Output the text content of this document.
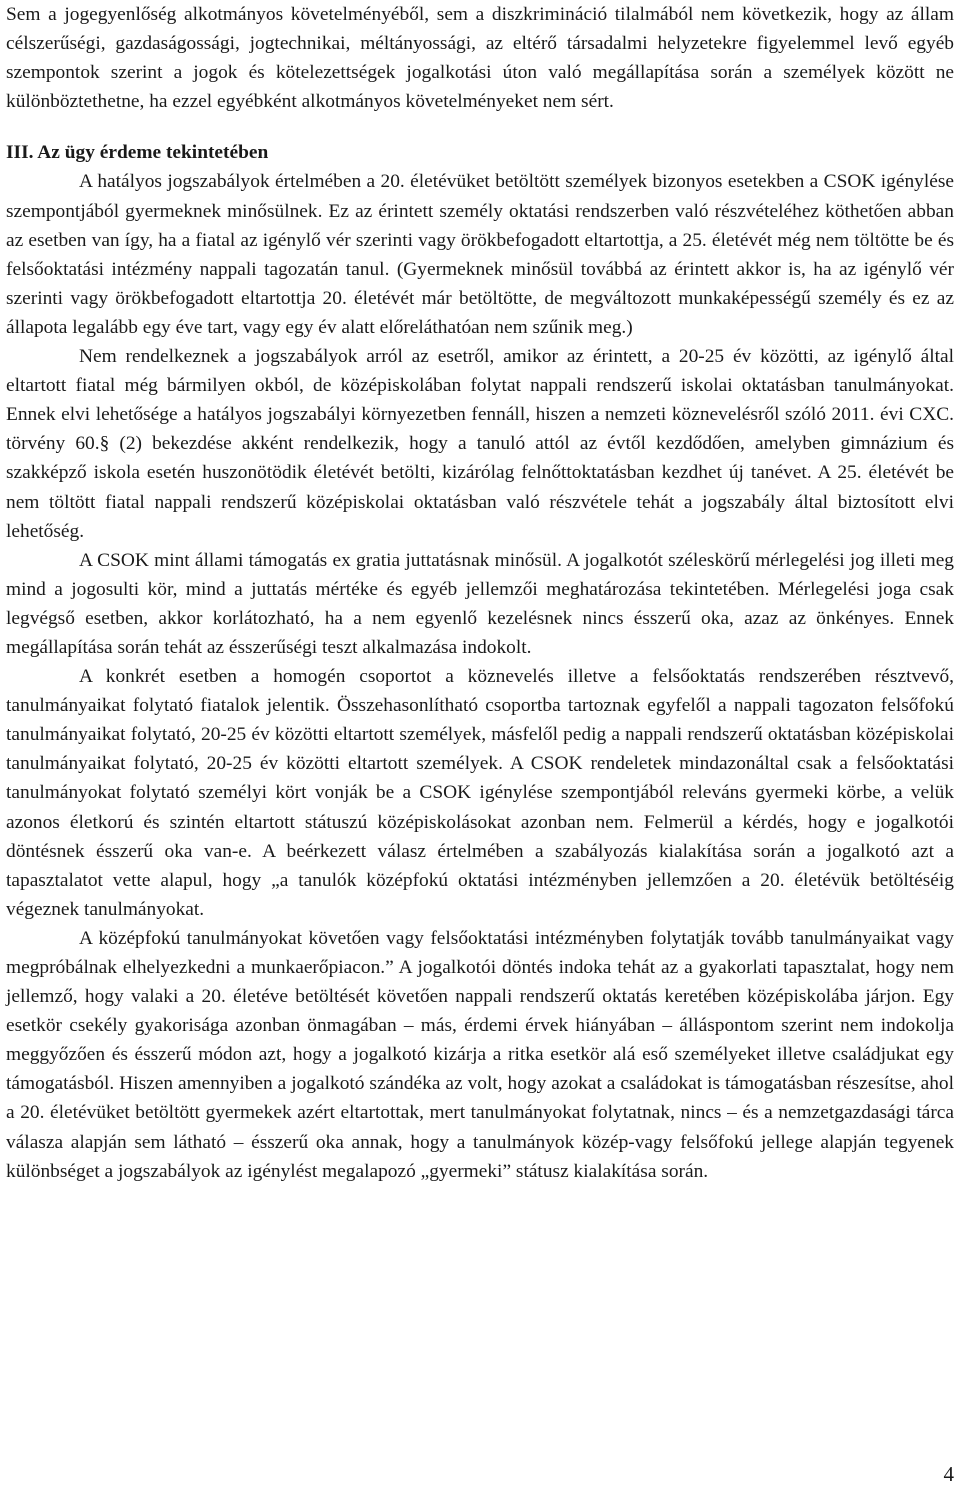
Sem a jogegyenlőség alkotmányos követelményéből, sem a diszkrimináció tilalmából nem következik, hogy az állam célszerűségi, gazdaságossági, jogtechnikai, méltányossági, az eltérő társadalmi helyzetekre figyelemmel levő egyéb szempontok szerint a jogok és kötelezettségek jogalkotási úton való megállapítása során a személyek között ne különböztethetne, ha ezzel egyébként alkotmányos követelményeket nem sért.

III. Az ügy érdeme tekintetében

A hatályos jogszabályok értelmében a 20. életévüket betöltött személyek bizonyos esetekben a CSOK igénylése szempontjából gyermeknek minősülnek. Ez az érintett személy oktatási rendszerben való részvételéhez köthetően abban az esetben van így, ha a fiatal az igénylő vér szerinti vagy örökbefogadott eltartottja, a 25. életévét még nem töltötte be és felsőoktatási intézmény nappali tagozatán tanul. (Gyermeknek minősül továbbá az érintett akkor is, ha az igénylő vér szerinti vagy örökbefogadott eltartottja 20. életévét már betöltötte, de megváltozott munkaképességű személy és ez az állapota legalább egy éve tart, vagy egy év alatt előreláthatóan nem szűnik meg.)

Nem rendelkeznek a jogszabályok arról az esetről, amikor az érintett, a 20-25 év közötti, az igénylő által eltartott fiatal még bármilyen okból, de középiskolában folytat nappali rendszerű iskolai oktatásban tanulmányokat. Ennek elvi lehetősége a hatályos jogszabályi környezetben fennáll, hiszen a nemzeti köznevelésről szóló 2011. évi CXC. törvény 60.§ (2) bekezdése akként rendelkezik, hogy a tanuló attól az évtől kezdődően, amelyben gimnázium és szakképző iskola esetén huszonötödik életévét betölti, kizárólag felnőttoktatásban kezdhet új tanévet. A 25. életévét be nem töltött fiatal nappali rendszerű középiskolai oktatásban való részvétele tehát a jogszabály által biztosított elvi lehetőség.

A CSOK mint állami támogatás ex gratia juttatásnak minősül. A jogalkotót széleskörű mérlegelési jog illeti meg mind a jogosulti kör, mind a juttatás mértéke és egyéb jellemzői meghatározása tekintetében. Mérlegelési joga csak legvégső esetben, akkor korlátozható, ha a nem egyenlő kezelésnek nincs ésszerű oka, azaz az önkényes. Ennek megállapítása során tehát az ésszerűségi teszt alkalmazása indokolt.

A konkrét esetben a homogén csoportot a köznevelés illetve a felsőoktatás rendszerében résztvevő, tanulmányaikat folytató fiatalok jelentik. Összehasonlítható csoportba tartoznak egyfelől a nappali tagozaton felsőfokú tanulmányaikat folytató, 20-25 év közötti eltartott személyek, másfelől pedig a nappali rendszerű oktatásban középiskolai tanulmányaikat folytató, 20-25 év közötti eltartott személyek. A CSOK rendeletek mindazonáltal csak a felsőoktatási tanulmányokat folytató személyi kört vonják be a CSOK igénylése szempontjából releváns gyermeki körbe, a velük azonos életkorú és szintén eltartott státuszú középiskolásokat azonban nem. Felmerül a kérdés, hogy e jogalkotói döntésnek ésszerű oka van-e. A beérkezett válasz értelmében a szabályozás kialakítása során a jogalkotó azt a tapasztalatot vette alapul, hogy „a tanulók középfokú oktatási intézményben jellemzően a 20. életévük betöltéséig végeznek tanulmányokat.

A középfokú tanulmányokat követően vagy felsőoktatási intézményben folytatják tovább tanulmányaikat vagy megpróbálnak elhelyezkedni a munkaerőpiacon.” A jogalkotói döntés indoka tehát az a gyakorlati tapasztalat, hogy nem jellemző, hogy valaki a 20. életéve betöltését követően nappali rendszerű oktatás keretében középiskolába járjon. Egy esetkör csekély gyakorisága azonban önmagában – más, érdemi érvek hiányában – álláspontom szerint nem indokolja meggyőzően és ésszerű módon azt, hogy a jogalkotó kizárja a ritka esetkör alá eső személyeket illetve családjukat egy támogatásból. Hiszen amennyiben a jogalkotó szándéka az volt, hogy azokat a családokat is támogatásban részesítse, ahol a 20. életévüket betöltött gyermekek azért eltartottak, mert tanulmányokat folytatnak, nincs – és a nemzetgazdasági tárca válasza alapján sem látható – ésszerű oka annak, hogy a tanulmányok közép-vagy felsőfokú jellege alapján tegyenek különbséget a jogszabályok az igénylést megalapozó „gyermeki” státusz kialakítása során.

4
